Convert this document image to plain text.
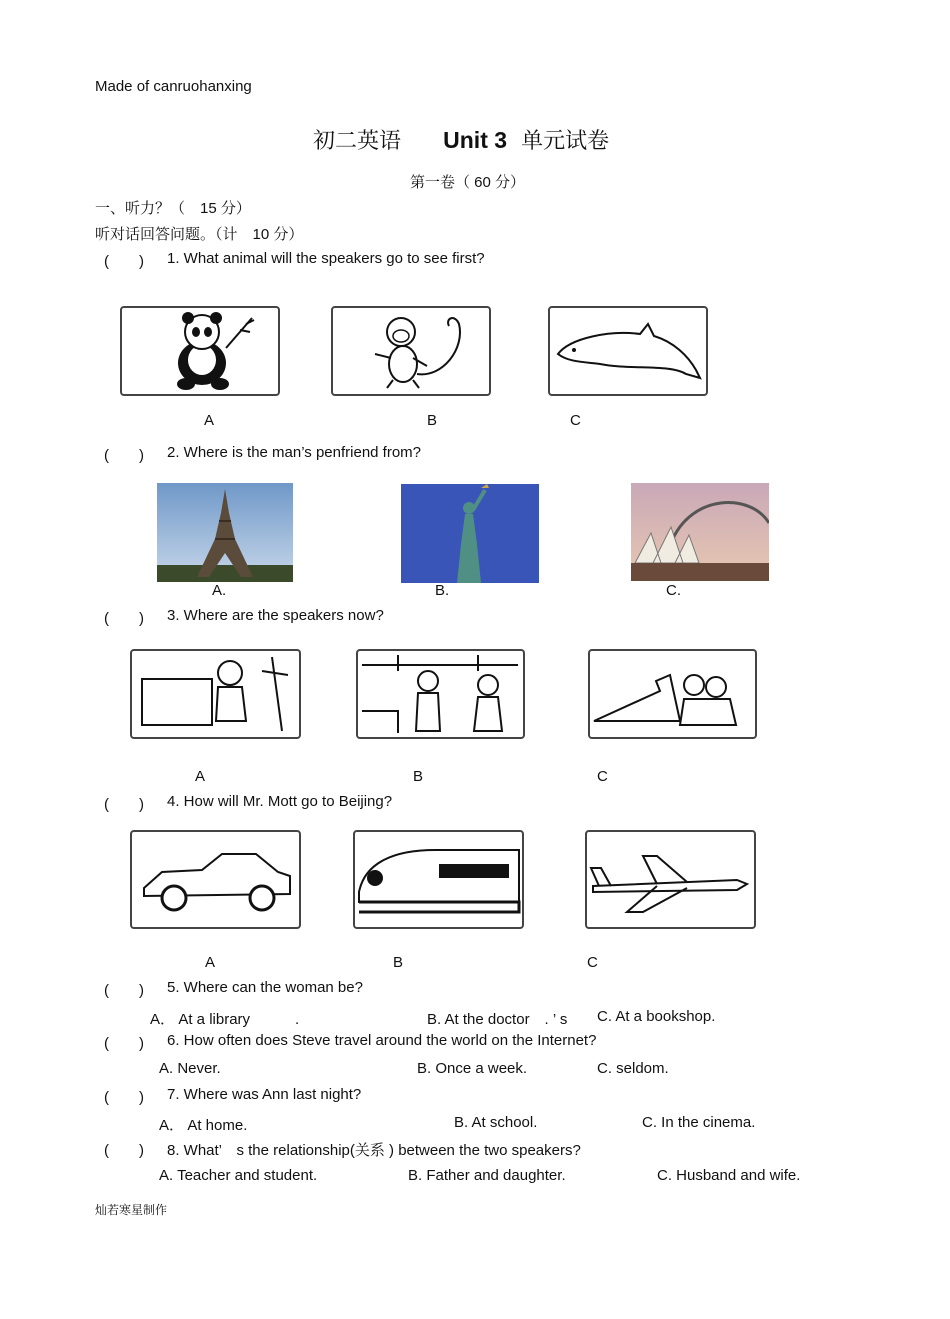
Made of canruohanxing
初二英语 Unit 3 单元试卷
第一卷（ 60 分）
一、听力？（　15 分）
听对话回答问题。（计　10 分）
(　　) 1. What animal will the speakers go to see first?
A	B	C
(　　) 2. Where is the man’s penfriend from?
A.	B.	C.
(　　) 3. Where are the speakers now?
A	B	C
(　　) 4. How will Mr. Mott go to Beijing?
A	B	C
(　　) 5. Where can the woman be?
A． At a library　　　.	B. At the doctor　. ’ s C. At a bookshop.
(　　) 6. How often does Steve travel around the world on the Internet?
A. Never.	B. Once a week.	C. seldom.
(　　) 7. Where was Ann last night?
A． At home.	B. At school.	C. In the cinema.
(　　) 8. What’　s the relationship(关系 ) between the two speakers?
A. Teacher and student.	B. Father and daughter.	C. Husband and wife.
灿若寒星制作
